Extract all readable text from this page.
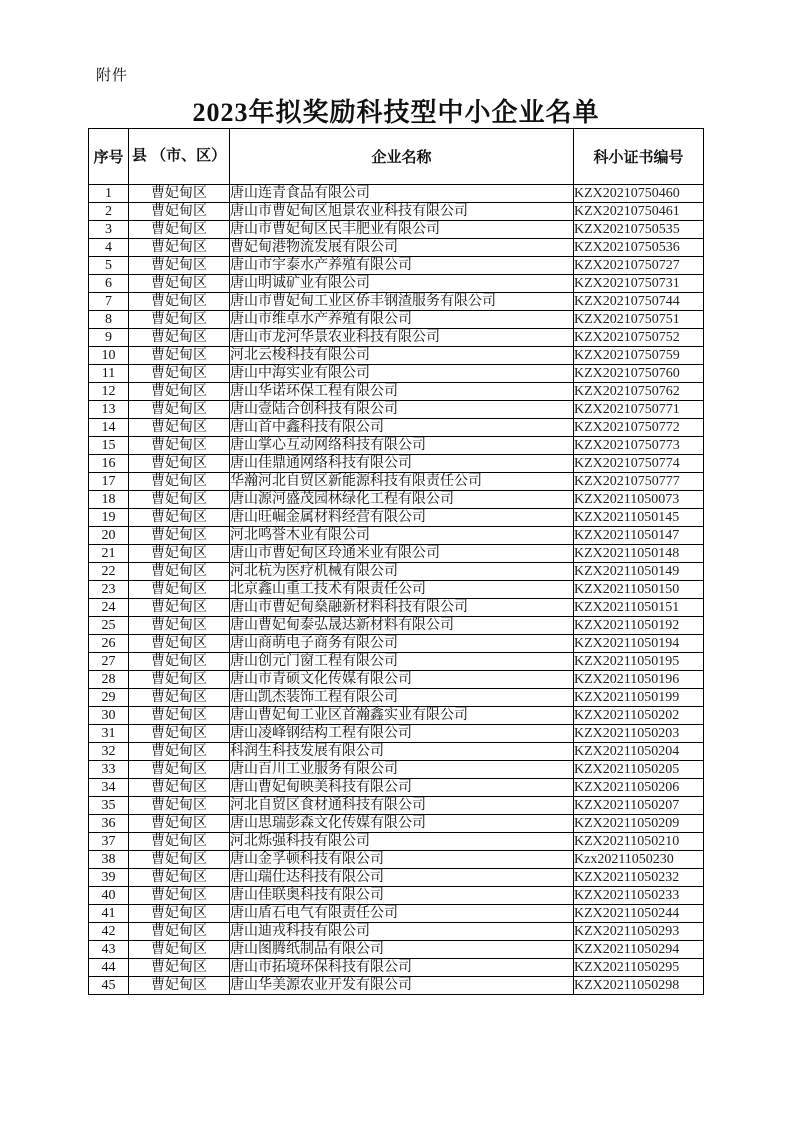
附件
2023年拟奖励科技型中小企业名单
序号	县 （市、区）	企业名称	科小证书编号
1	曹妃甸区	唐山连青食品有限公司	KZX20210750460
2	曹妃甸区	唐山市曹妃甸区旭景农业科技有限公司	KZX20210750461
3	曹妃甸区	唐山市曹妃甸区民丰肥业有限公司	KZX20210750535
4	曹妃甸区	曹妃甸港物流发展有限公司	KZX20210750536
5	曹妃甸区	唐山市宇泰水产养殖有限公司	KZX20210750727
6	曹妃甸区	唐山明诚矿业有限公司	KZX20210750731
7	曹妃甸区	唐山市曹妃甸工业区侨丰钢渣服务有限公司	KZX20210750744
8	曹妃甸区	唐山市维卓水产养殖有限公司	KZX20210750751
9	曹妃甸区	唐山市龙河华景农业科技有限公司	KZX20210750752
10	曹妃甸区	河北云梭科技有限公司	KZX20210750759
11	曹妃甸区	唐山中海实业有限公司	KZX20210750760
12	曹妃甸区	唐山华诺环保工程有限公司	KZX20210750762
13	曹妃甸区	唐山壹陆合创科技有限公司	KZX20210750771
14	曹妃甸区	唐山首中鑫科技有限公司	KZX20210750772
15	曹妃甸区	唐山掌心互动网络科技有限公司	KZX20210750773
16	曹妃甸区	唐山佳鼎通网络科技有限公司	KZX20210750774
17	曹妃甸区	华瀚河北自贸区新能源科技有限责任公司	KZX20210750777
18	曹妃甸区	唐山源河盛茂园林绿化工程有限公司	KZX20211050073
19	曹妃甸区	唐山旺崛金属材料经营有限公司	KZX20211050145
20	曹妃甸区	河北鸣誉木业有限公司	KZX20211050147
21	曹妃甸区	唐山市曹妃甸区玲通米业有限公司	KZX20211050148
22	曹妃甸区	河北杭为医疗机械有限公司	KZX20211050149
23	曹妃甸区	北京鑫山重工技术有限责任公司	KZX20211050150
24	曹妃甸区	唐山市曹妃甸燊融新材料科技有限公司	KZX20211050151
25	曹妃甸区	唐山曹妃甸泰弘晟达新材料有限公司	KZX20211050192
26	曹妃甸区	唐山商萌电子商务有限公司	KZX20211050194
27	曹妃甸区	唐山创元门窗工程有限公司	KZX20211050195
28	曹妃甸区	唐山市青硕文化传媒有限公司	KZX20211050196
29	曹妃甸区	唐山凯杰装饰工程有限公司	KZX20211050199
30	曹妃甸区	唐山曹妃甸工业区首瀚鑫实业有限公司	KZX20211050202
31	曹妃甸区	唐山凌峰钢结构工程有限公司	KZX20211050203
32	曹妃甸区	科润生科技发展有限公司	KZX20211050204
33	曹妃甸区	唐山百川工业服务有限公司	KZX20211050205
34	曹妃甸区	唐山曹妃甸映美科技有限公司	KZX20211050206
35	曹妃甸区	河北自贸区食材通科技有限公司	KZX20211050207
36	曹妃甸区	唐山思瑞彭森文化传媒有限公司	KZX20211050209
37	曹妃甸区	河北烁强科技有限公司	KZX20211050210
38	曹妃甸区	唐山金孚顿科技有限公司	Kzx20211050230
39	曹妃甸区	唐山瑞仕达科技有限公司	KZX20211050232
40	曹妃甸区	唐山佳联奥科技有限公司	KZX20211050233
41	曹妃甸区	唐山盾石电气有限责任公司	KZX20211050244
42	曹妃甸区	唐山迪戎科技有限公司	KZX20211050293
43	曹妃甸区	唐山图腾纸制品有限公司	KZX20211050294
44	曹妃甸区	唐山市拓境环保科技有限公司	KZX20211050295
45	曹妃甸区	唐山华美源农业开发有限公司	KZX20211050298
